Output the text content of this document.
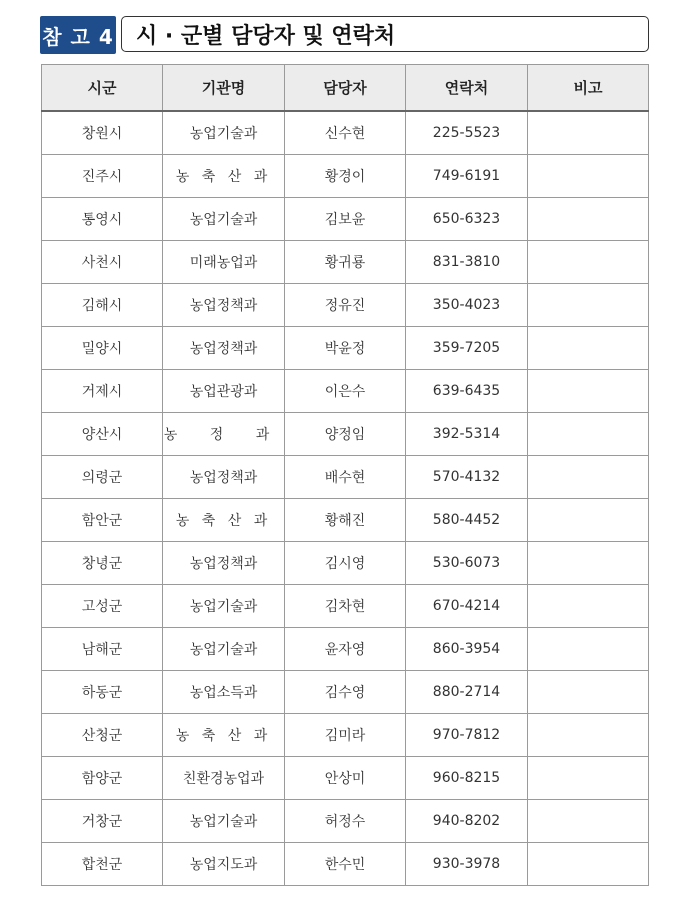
참 고 4	시 · 군별 담당자 및 연락처
시군	기관명	담당자	연락처	비고
창원시	농업기술과	신수현	225-5523	
진주시	농 축 산 과	황경이	749-6191	
통영시	농업기술과	김보윤	650-6323	
사천시	미래농업과	황귀룡	831-3810	
김해시	농업정책과	정유진	350-4023	
밀양시	농업정책과	박윤정	359-7205	
거제시	농업관광과	이은수	639-6435	
양산시	농 정 과	양정임	392-5314	
의령군	농업정책과	배수현	570-4132	
함안군	농 축 산 과	황해진	580-4452	
창녕군	농업정책과	김시영	530-6073	
고성군	농업기술과	김차현	670-4214	
남해군	농업기술과	윤자영	860-3954	
하동군	농업소득과	김수영	880-2714	
산청군	농 축 산 과	김미라	970-7812	
함양군	친환경농업과	안상미	960-8215	
거창군	농업기술과	허정수	940-8202	
합천군	농업지도과	한수민	930-3978	
